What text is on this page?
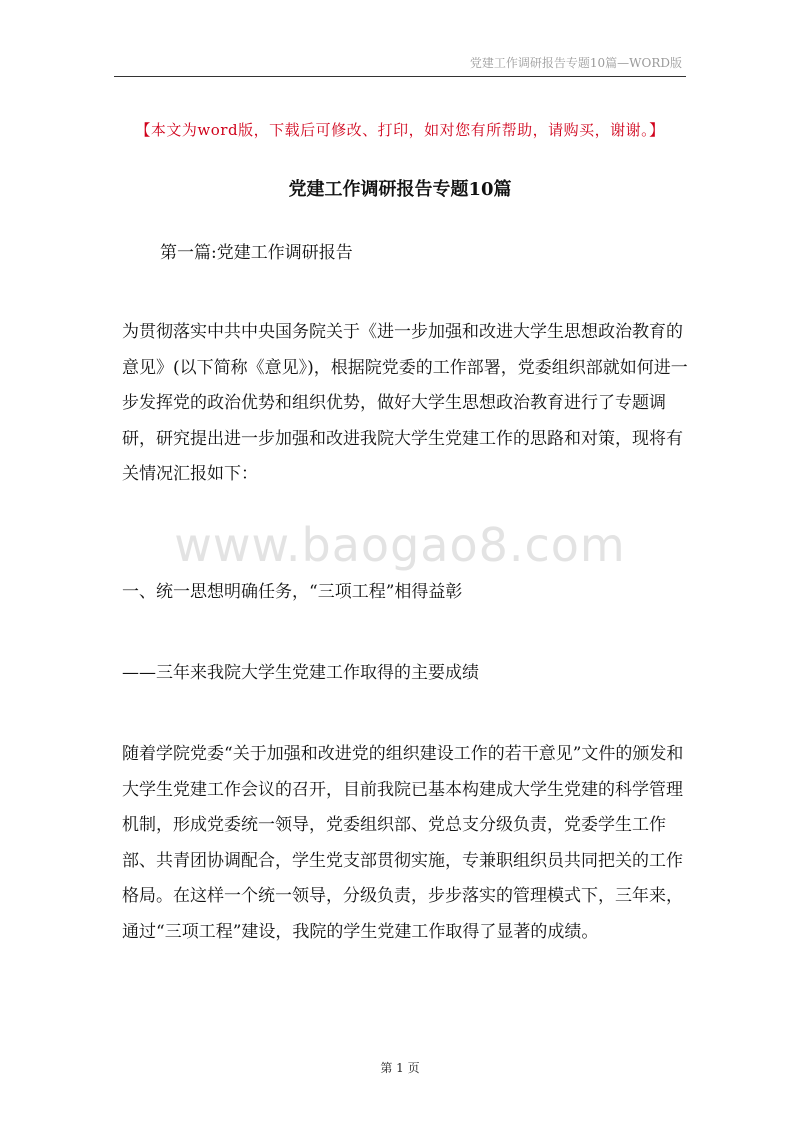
党建工作调研报告专题10篇—WORD版
【本文为word版，下载后可修改、打印，如对您有所帮助，请购买，谢谢。】
党建工作调研报告专题10篇
第一篇:党建工作调研报告
为贯彻落实中共中央国务院关于《进一步加强和改进大学生思想政治教育的意见》(以下简称《意见》)，根据院党委的工作部署，党委组织部就如何进一步发挥党的政治优势和组织优势，做好大学生思想政治教育进行了专题调研，研究提出进一步加强和改进我院大学生党建工作的思路和对策，现将有关情况汇报如下：
www.baogao8.com
一、统一思想明确任务，“三项工程”相得益彰
——三年来我院大学生党建工作取得的主要成绩
随着学院党委“关于加强和改进党的组织建设工作的若干意见”文件的颁发和大学生党建工作会议的召开，目前我院已基本构建成大学生党建的科学管理机制，形成党委统一领导，党委组织部、党总支分级负责，党委学生工作部、共青团协调配合，学生党支部贯彻实施，专兼职组织员共同把关的工作格局。在这样一个统一领导，分级负责，步步落实的管理模式下，三年来，通过“三项工程”建设，我院的学生党建工作取得了显著的成绩。
第 1 页
